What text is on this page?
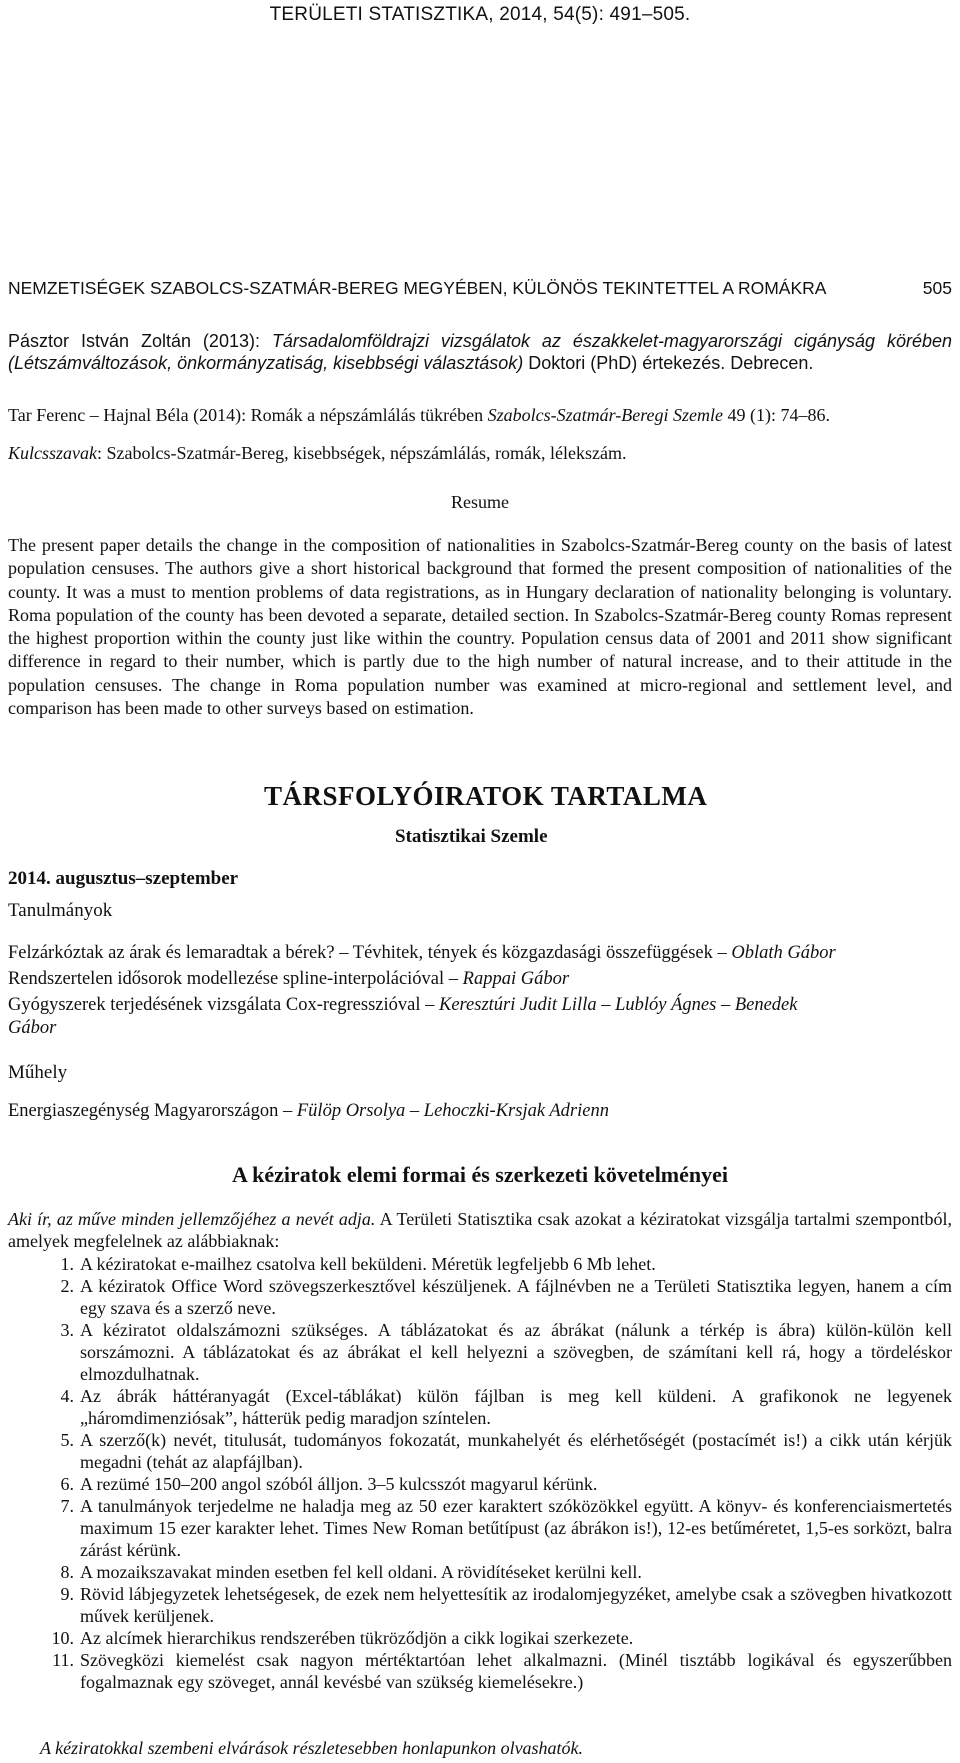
TERÜLETI STATISZTIKA, 2014, 54(5): 491–505.
NEMZETISÉGEK SZABOLCS-SZATMÁR-BEREG MEGYÉBEN, KÜLÖNÖS TEKINTETTEL A ROMÁKRA	505
Pásztor István Zoltán (2013): Társadalomföldrajzi vizsgálatok az északkelet-magyarországi cigányság körében (Létszámváltozások, önkormányzatiság, kisebbségi választások) Doktori (PhD) értekezés. Debrecen.
Tar Ferenc – Hajnal Béla (2014): Romák a népszámlálás tükrében Szabolcs-Szatmár-Beregi Szemle 49 (1): 74–86.
Kulcsszavak: Szabolcs-Szatmár-Bereg, kisebbségek, népszámlálás, romák, lélekszám.
Resume
The present paper details the change in the composition of nationalities in Szabolcs-Szatmár-Bereg county on the basis of latest population censuses. The authors give a short historical background that formed the present composition of nationalities of the county. It was a must to mention problems of data registrations, as in Hungary declaration of nationality belonging is voluntary. Roma population of the county has been devoted a separate, detailed section. In Szabolcs-Szatmár-Bereg county Romas represent the highest proportion within the county just like within the country. Population census data of 2001 and 2011 show significant difference in regard to their number, which is partly due to the high number of natural increase, and to their attitude in the population censuses. The change in Roma population number was examined at micro-regional and settlement level, and comparison has been made to other surveys based on estimation.
TÁRSFOLYÓIRATOK TARTALMA
Statisztikai Szemle
2014. augusztus–szeptember
Tanulmányok
Felzárkóztak az árak és lemaradtak a bérek? – Tévhitek, tények és közgazdasági összefüggések – Oblath Gábor
Rendszertelen idősorok modellezése spline-interpolációval – Rappai Gábor
Gyógyszerek terjedésének vizsgálata Cox-regresszióval – Keresztúri Judit Lilla – Lublóy Ágnes – Benedek Gábor
Műhely
Energiaszegénység Magyarországon – Fülöp Orsolya – Lehoczki-Krsjak Adrienn
A kéziratok elemi formai és szerkezeti követelményei
Aki ír, az műve minden jellemzőjéhez a nevét adja. A Területi Statisztika csak azokat a kéziratokat vizsgálja tartalmi szempontból, amelyek megfelelnek az alábbiaknak:
1. A kéziratokat e-mailhez csatolva kell beküldeni. Méretük legfeljebb 6 Mb lehet.
2. A kéziratok Office Word szövegszerkesztővel készüljenek. A fájlnévben ne a Területi Statisztika legyen, hanem a cím egy szava és a szerző neve.
3. A kéziratot oldalszámozni szükséges. A táblázatokat és az ábrákat (nálunk a térkép is ábra) külön-külön kell sorszámozni. A táblázatokat és az ábrákat el kell helyezni a szövegben, de számítani kell rá, hogy a tördeléskor elmozdulhatnak.
4. Az ábrák háttéranyagát (Excel-táblákat) külön fájlban is meg kell küldeni. A grafikonok ne legyenek „háromdimenziósak”, hátterük pedig maradjon színtelen.
5. A szerző(k) nevét, titulusát, tudományos fokozatát, munkahelyét és elérhetőségét (postacímét is!) a cikk után kérjük megadni (tehát az alapfájlban).
6. A rezümé 150–200 angol szóból álljon. 3–5 kulcsszót magyarul kérünk.
7. A tanulmányok terjedelme ne haladja meg az 50 ezer karaktert szóközökkel együtt. A könyv- és konferenciaismertetés maximum 15 ezer karakter lehet. Times New Roman betűtípust (az ábrákon is!), 12-es betűméretet, 1,5-es sorközt, balra zárást kérünk.
8. A mozaikszavakat minden esetben fel kell oldani. A rövidítéseket kerülni kell.
9. Rövid lábjegyzetek lehetségesek, de ezek nem helyettesítik az irodalomjegyzéket, amelybe csak a szövegben hivatkozott művek kerüljenek.
10. Az alcímek hierarchikus rendszerében tükröződjön a cikk logikai szerkezete.
11. Szövegközi kiemelést csak nagyon mértéktartóan lehet alkalmazni. (Minél tisztább logikával és egyszerűbben fogalmaznak egy szöveget, annál kevésbé van szükség kiemelésekre.)
A kéziratokkal szembeni elvárások részletesebben honlapunkon olvashatók.
